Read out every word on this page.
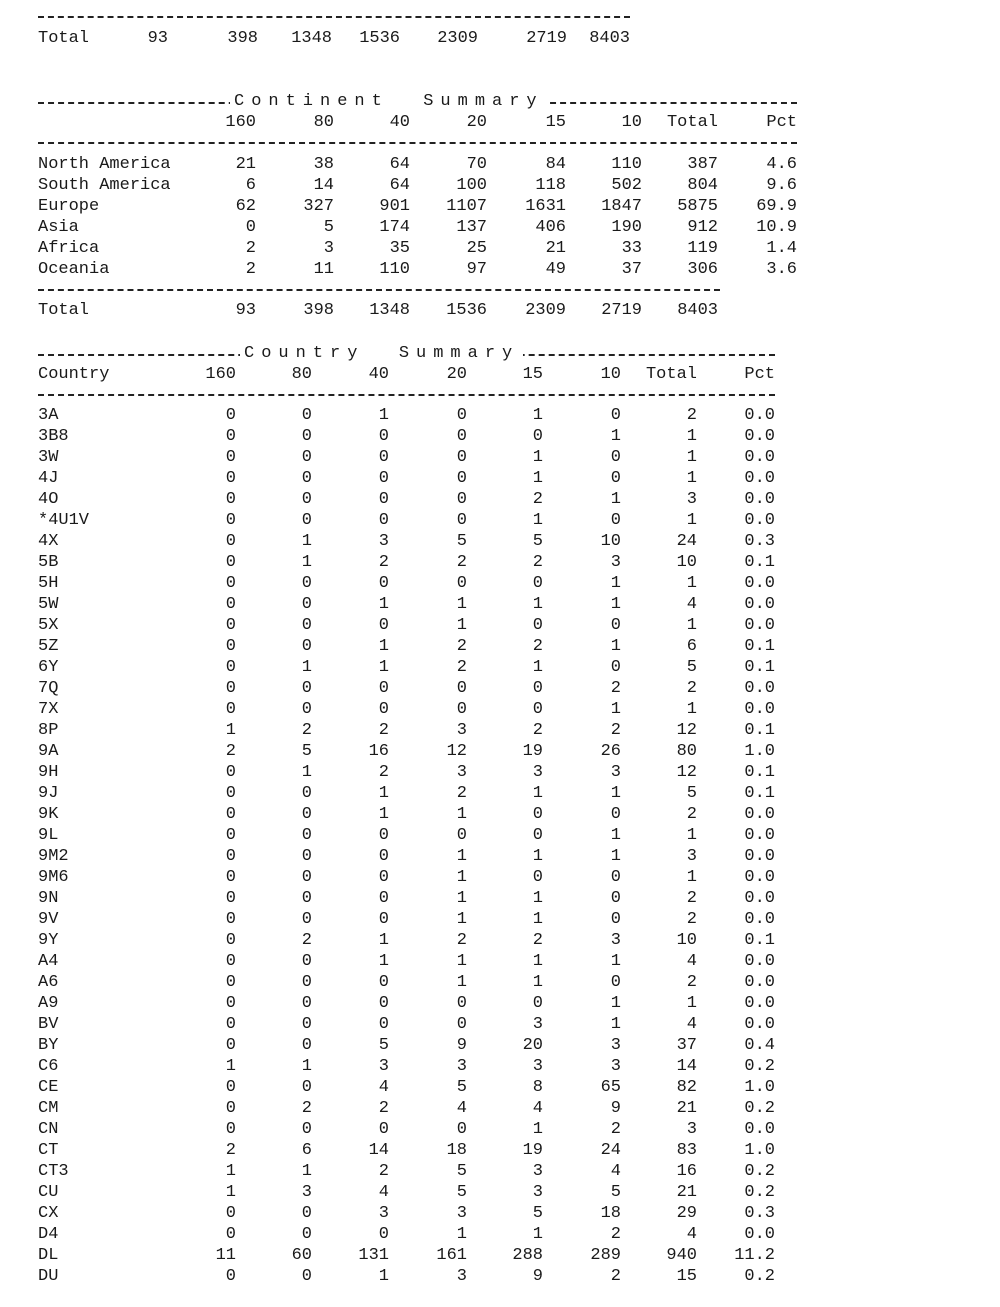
Total	93	398 1348 1536 2309	2719 8403
Continent  Summary
160	80	40	20	15	10 Total	Pct
North America	21	38	64	70	84	110	387	4.6
South America	6	14	64	100	118	502	804	9.6
Europe	62	327	901 1107 1631 1847 5875 69.9
Asia	0	5	174	137	406	190	912 10.9
Africa	2	3	35	25	21	33	119	1.4
Oceania	2	11	110	97	49	37	306	3.6
Total	93	398 1348 1536 2309 2719 8403
Country  Summary
Country	160	80	40	20	15	10 Total	Pct
3A	0	0	1	0	1	0	2	0.0
3B8	0	0	0	0	0	1	1	0.0
3W	0	0	0	0	1	0	1	0.0
4J	0	0	0	0	1	0	1	0.0
4O	0	0	0	0	2	1	3	0.0
*4U1V	0	0	0	0	1	0	1	0.0
4X	0	1	3	5	5	10	24	0.3
5B	0	1	2	2	2	3	10	0.1
5H	0	0	0	0	0	1	1	0.0
5W	0	0	1	1	1	1	4	0.0
5X	0	0	0	1	0	0	1	0.0
5Z	0	0	1	2	2	1	6	0.1
6Y	0	1	1	2	1	0	5	0.1
7Q	0	0	0	0	0	2	2	0.0
7X	0	0	0	0	0	1	1	0.0
8P	1	2	2	3	2	2	12	0.1
9A	2	5	16	12	19	26	80	1.0
9H	0	1	2	3	3	3	12	0.1
9J	0	0	1	2	1	1	5	0.1
9K	0	0	1	1	0	0	2	0.0
9L	0	0	0	0	0	1	1	0.0
9M2	0	0	0	1	1	1	3	0.0
9M6	0	0	0	1	0	0	1	0.0
9N	0	0	0	1	1	0	2	0.0
9V	0	0	0	1	1	0	2	0.0
9Y	0	2	1	2	2	3	10	0.1
A4	0	0	1	1	1	1	4	0.0
A6	0	0	0	1	1	0	2	0.0
A9	0	0	0	0	0	1	1	0.0
BV	0	0	0	0	3	1	4	0.0
BY	0	0	5	9	20	3	37	0.4
C6	1	1	3	3	3	3	14	0.2
CE	0	0	4	5	8	65	82	1.0
CM	0	2	2	4	4	9	21	0.2
CN	0	0	0	0	1	2	3	0.0
CT	2	6	14	18	19	24	83	1.0
CT3	1	1	2	5	3	4	16	0.2
CU	1	3	4	5	3	5	21	0.2
CX	0	0	3	3	5	18	29	0.3
D4	0	0	0	1	1	2	4	0.0
DL	11	60	131	161	288	289	940 11.2
DU	0	0	1	3	9	2	15	0.2
